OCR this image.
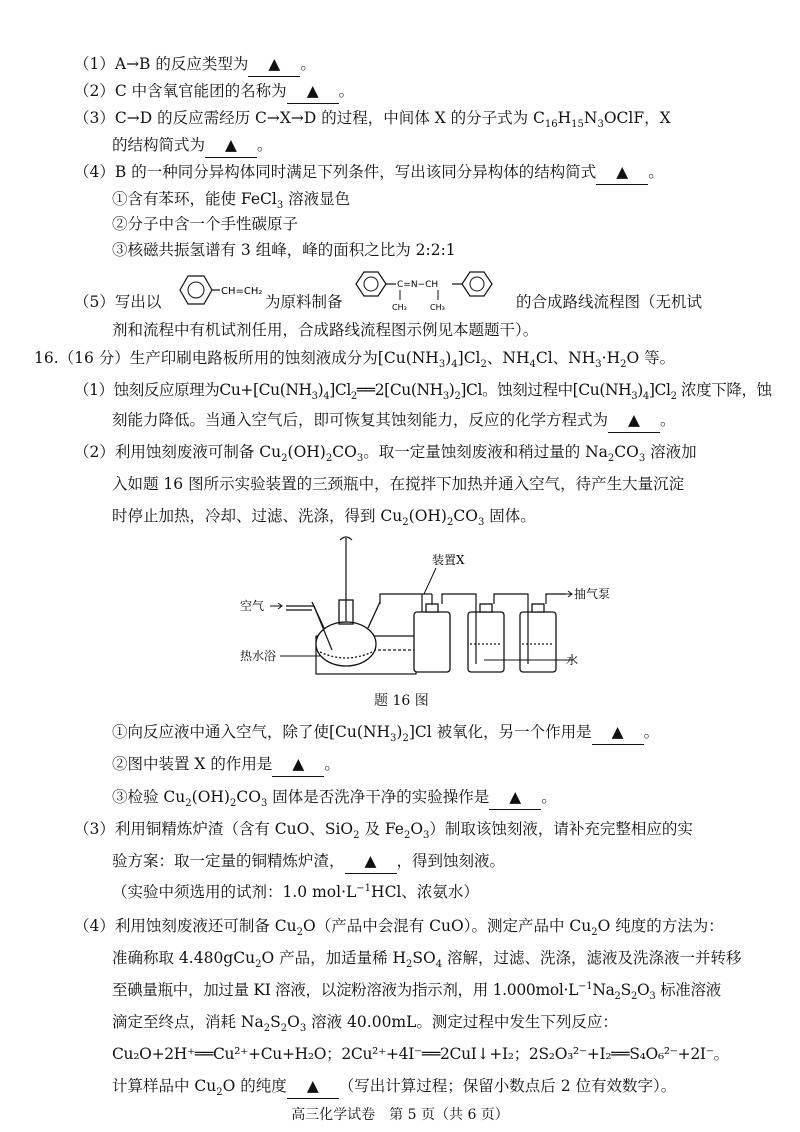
（1）A→B 的反应类型为 ▲ 。
（2）C 中含氧官能团的名称为 ▲ 。
（3）C→D 的反应需经历 C→X→D 的过程，中间体 X 的分子式为 $C_{16}H_{15}N_3OClF$，X
的结构简式为 ▲ 。
（4）B 的一种同分异构体同时满足下列条件，写出该同分异构体的结构简式 ▲ 。
①含有苯环，能使 FeCl$_3$ 溶液显色
②分子中含一个手性碳原子
③核磁共振氢谱有 3 组峰，峰的面积之比为 2:2:1
（5）写出以
CH=CH₂
为原料制备
C=N−CH
CH₃	CH₃	的合成路线流程图（无机试
剂和流程中有机试剂任用，合成路线流程图示例见本题题干）。
16.（16 分）生产印刷电路板所用的蚀刻液成分为$[Cu(NH_3)_4]Cl_2$、$NH_4Cl$、$NH_3\cdot H_2O$ 等。
（1）蚀刻反应原理为$Cu+[Cu(NH_3)_4]Cl_2══2[Cu(NH_3)_2]Cl$。蚀刻过程中$[Cu(NH_3)_4]Cl_2$ 浓度下降，蚀
刻能力降低。当通入空气后，即可恢复其蚀刻能力，反应的化学方程式为 ▲ 。
（2）利用蚀刻废液可制备 $Cu_2(OH)_2CO_3$。取一定量蚀刻废液和稍过量的 $Na_2CO_3$ 溶液加
入如题 16 图所示实验装置的三颈瓶中，在搅拌下加热并通入空气，待产生大量沉淀
时停止加热，冷却、过滤、洗涤，得到 $Cu_2(OH)_2CO_3$ 固体。
空气
热水浴
装置X
抽气泵
水
题 16 图
①向反应液中通入空气，除了使$[Cu(NH_3)_2]Cl$ 被氧化，另一个作用是 ▲ 。
②图中装置 X 的作用是 ▲ 。
③检验 $Cu_2(OH)_2CO_3$ 固体是否洗净干净的实验操作是 ▲ 。
（3）利用铜精炼炉渣（含有 CuO、SiO$_2$ 及 $Fe_2O_3$）制取该蚀刻液，请补充完整相应的实
验方案：取一定量的铜精炼炉渣， ▲ ，得到蚀刻液。
（实验中须选用的试剂：1.0 $mol\cdot L^{-1}HCl$、浓氨水）
（4）利用蚀刻废液还可制备 $Cu_2O$（产品中会混有 CuO）。测定产品中 $Cu_2O$ 纯度的方法为：
准确称取 4.480gCu$_2$O 产品，加适量稀 $H_2SO_4$ 溶解，过滤、洗涤，滤液及洗涤液一并转移
至碘量瓶中，加过量 KI 溶液，以淀粉溶液为指示剂，用 $1.000mol\cdot L^{-1}Na_2S_2O_3$ 标准溶液
滴定至终点，消耗 $Na_2S_2O_3$ 溶液 40.00mL。测定过程中发生下列反应：
Cu₂O+2H⁺══Cu²⁺+Cu+H₂O；2Cu²⁺+4I⁻══2CuI↓+I₂；2S₂O₃²⁻+I₂══S₄O₆²⁻+2I⁻。
计算样品中 $Cu_2O$ 的纯度 ▲ （写出计算过程；保留小数点后 2 位有效数字）。
高三化学试卷　第 5 页（共 6 页）
